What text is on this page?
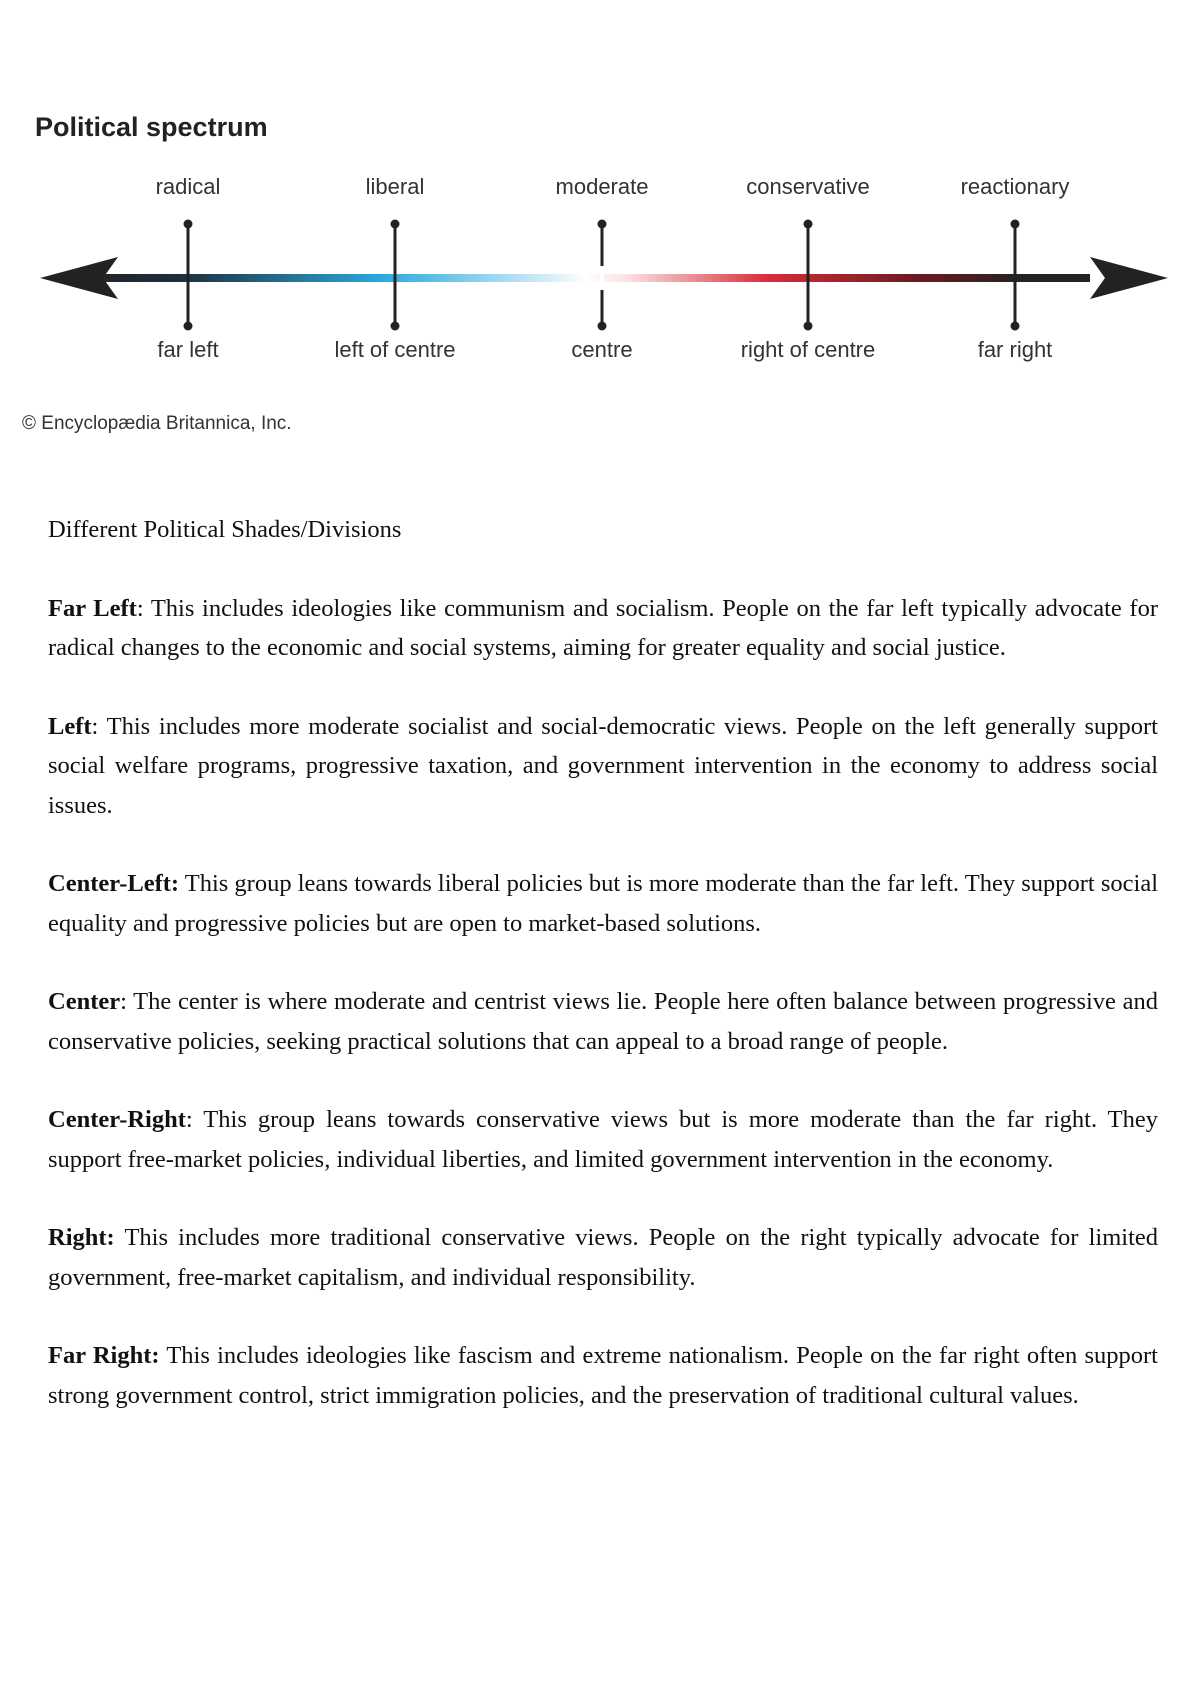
Political spectrum
radical	liberal	moderate	conservative	reactionary
far left	left of centre	centre	right of centre	far right

© Encyclopædia Britannica, Inc.

Different Political Shades/Divisions

Far Left: This includes ideologies like communism and socialism. People on the far left typically advocate for radical changes to the economic and social systems, aiming for greater equality and social justice.

Left: This includes more moderate socialist and social-democratic views. People on the left generally support social welfare programs, progressive taxation, and government intervention in the economy to address social issues.

Center-Left: This group leans towards liberal policies but is more moderate than the far left. They support social equality and progressive policies but are open to market-based solutions.

Center: The center is where moderate and centrist views lie. People here often balance between progressive and conservative policies, seeking practical solutions that can appeal to a broad range of people.

Center-Right: This group leans towards conservative views but is more moderate than the far right. They support free-market policies, individual liberties, and limited government intervention in the economy.

Right: This includes more traditional conservative views. People on the right typically advocate for limited government, free-market capitalism, and individual responsibility.

Far Right: This includes ideologies like fascism and extreme nationalism. People on the far right often support strong government control, strict immigration policies, and the preservation of traditional cultural values.
